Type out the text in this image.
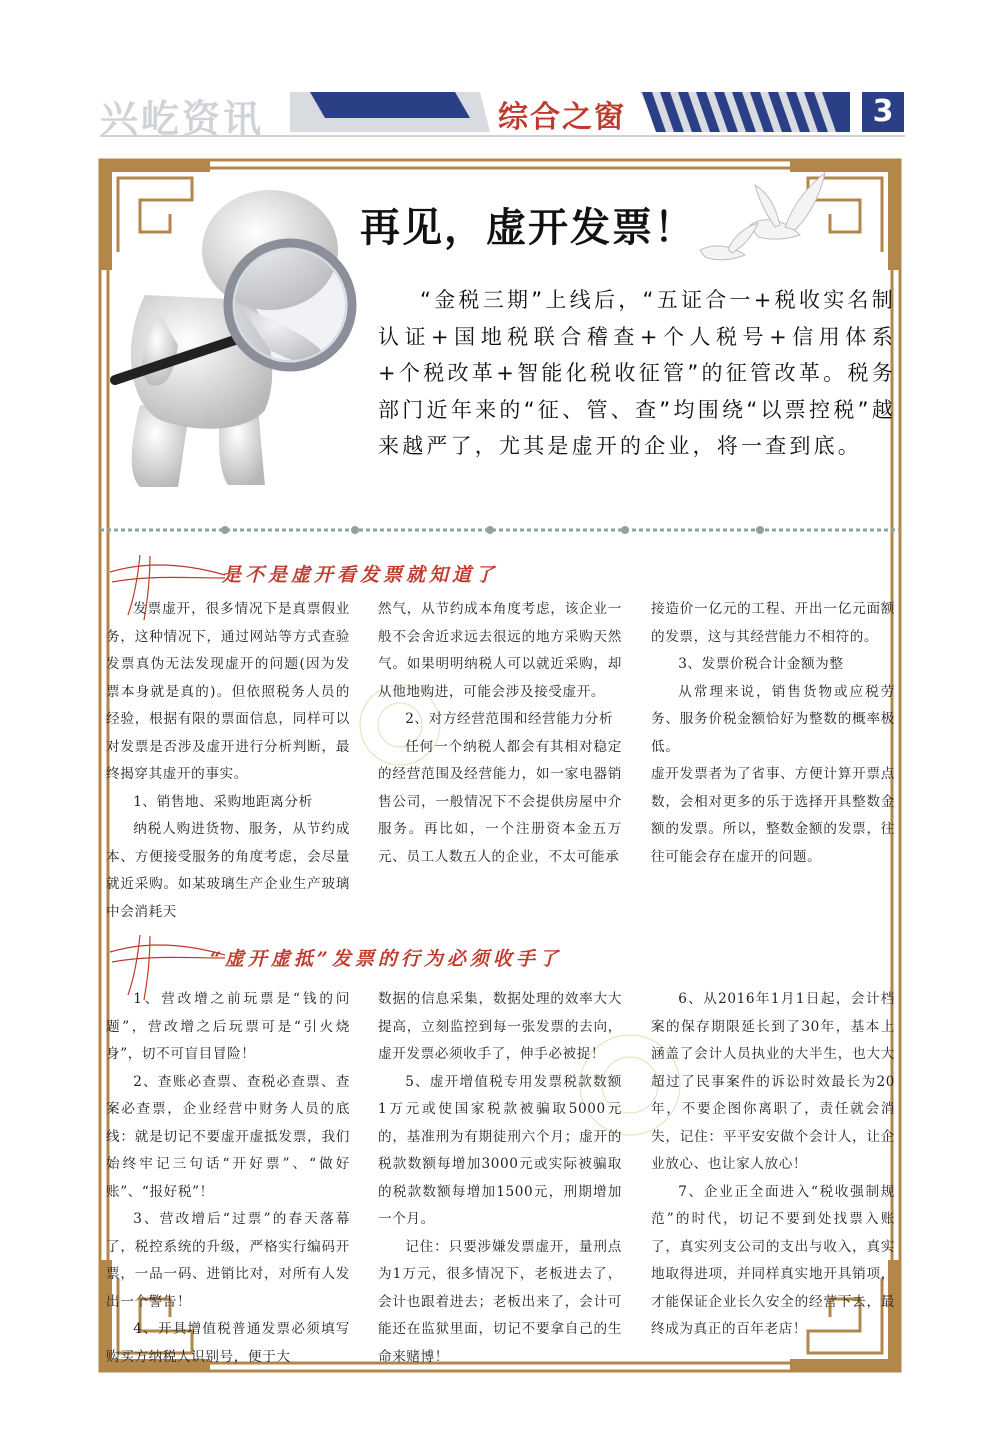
兴屹资讯	综合之窗	3
再见，虚开发票！

“金税三期”上线后，“五证合一+税收实名制认证+国地税联合稽查+个人税号+信用体系+个税改革+智能化税收征管”的征管改革。税务部门近年来的“征、管、查”均围绕“以票控税”越来越严了，尤其是虚开的企业，将一查到底。

是不是虚开看发票就知道了

发票虚开，很多情况下是真票假业务，这种情况下，通过网站等方式查验发票真伪无法发现虚开的问题(因为发票本身就是真的)。但依照税务人员的经验，根据有限的票面信息，同样可以对发票是否涉及虚开进行分析判断，最终揭穿其虚开的事实。

1、销售地、采购地距离分析

纳税人购进货物、服务，从节约成本、方便接受服务的角度考虑，会尽量就近采购。如某玻璃生产企业生产玻璃中会消耗天

然气，从节约成本角度考虑，该企业一般不会舍近求远去很远的地方采购天然气。如果明明纳税人可以就近采购，却从他地购进，可能会涉及接受虚开。

2、对方经营范围和经营能力分析

任何一个纳税人都会有其相对稳定的经营范围及经营能力，如一家电器销售公司，一般情况下不会提供房屋中介服务。再比如，一个注册资本金五万元、员工人数五人的企业，不太可能承

接造价一亿元的工程、开出一亿元面额的发票，这与其经营能力不相符的。

3、发票价税合计金额为整

从常理来说，销售货物或应税劳务、服务价税金额恰好为整数的概率极低。

虚开发票者为了省事、方便计算开票点数，会相对更多的乐于选择开具整数金额的发票。所以，整数金额的发票，往往可能会存在虚开的问题。

“虚开虚抵”发票的行为必须收手了

1、营改增之前玩票是“钱的问题”，营改增之后玩票可是“引火烧身”，切不可盲目冒险！

2、查账必查票、查税必查票、查案必查票，企业经营中财务人员的底线：就是切记不要虚开虚抵发票，我们始终牢记三句话“开好票”、“做好账”、“报好税”！

3、营改增后“过票”的春天落幕了，税控系统的升级，严格实行编码开票，一品一码、进销比对，对所有人发出一个警告！

4、开具增值税普通发票必须填写购买方纳税人识别号，便于大

数据的信息采集，数据处理的效率大大提高，立刻监控到每一张发票的去向，虚开发票必须收手了，伸手必被捉！

5、虚开增值税专用发票税款数额1万元或使国家税款被骗取5000元的，基准刑为有期徒刑六个月；虚开的税款数额每增加3000元或实际被骗取的税款数额每增加1500元，刑期增加一个月。

记住：只要涉嫌发票虚开，量刑点为1万元，很多情况下，老板进去了，会计也跟着进去；老板出来了，会计可能还在监狱里面，切记不要拿自己的生命来赌博！

6、从2016年1月1日起，会计档案的保存期限延长到了30年，基本上涵盖了会计人员执业的大半生，也大大超过了民事案件的诉讼时效最长为20年，不要企图你离职了，责任就会消失，记住：平平安安做个会计人，让企业放心、也让家人放心！

7、企业正全面进入“税收强制规范”的时代，切记不要到处找票入账了，真实列支公司的支出与收入，真实地取得进项，并同样真实地开具销项，才能保证企业长久安全的经营下去，最终成为真正的百年老店！
